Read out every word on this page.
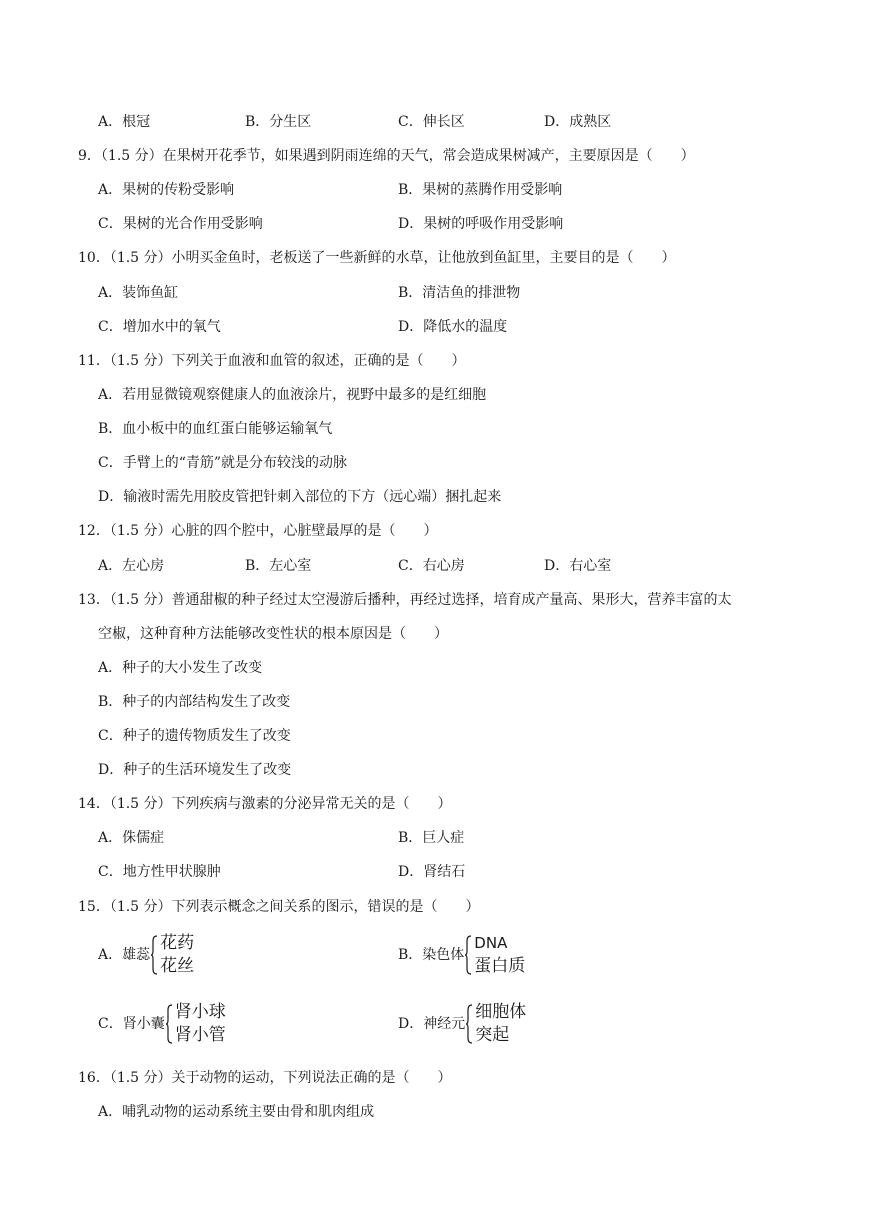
A．根冠	B．分生区	C．伸长区	D．成熟区
9．（1.5 分）在果树开花季节，如果遇到阴雨连绵的天气，常会造成果树减产，主要原因是（　　）
A．果树的传粉受影响	B．果树的蒸腾作用受影响
C．果树的光合作用受影响	D．果树的呼吸作用受影响
10．（1.5 分）小明买金鱼时，老板送了一些新鲜的水草，让他放到鱼缸里，主要目的是（　　）
A．装饰鱼缸	B．清洁鱼的排泄物
C．增加水中的氧气	D．降低水的温度
11．（1.5 分）下列关于血液和血管的叙述，正确的是（　　）
A．若用显微镜观察健康人的血液涂片，视野中最多的是红细胞
B．血小板中的血红蛋白能够运输氧气
C．手臂上的“青筋”就是分布较浅的动脉
D．输液时需先用胶皮管把针刺入部位的下方（远心端）捆扎起来
12．（1.5 分）心脏的四个腔中，心脏壁最厚的是（　　）
A．左心房	B．左心室	C．右心房	D．右心室
13．（1.5 分）普通甜椒的种子经过太空漫游后播种，再经过选择，培育成产量高、果形大，营养丰富的太
空椒，这种育种方法能够改变性状的根本原因是（　　）
A．种子的大小发生了改变
B．种子的内部结构发生了改变
C．种子的遗传物质发生了改变
D．种子的生活环境发生了改变
14．（1.5 分）下列疾病与激素的分泌异常无关的是（　　）
A．侏儒症	B．巨人症
C．地方性甲状腺肿	D．肾结石
15．（1.5 分）下列表示概念之间关系的图示，错误的是（　　）
A．雄蕊
花药
花丝
B．染色体
DNA
蛋白质
C．肾小囊
肾小球
肾小管
D．神经元
细胞体
突起
16．（1.5 分）关于动物的运动，下列说法正确的是（　　）
A．哺乳动物的运动系统主要由骨和肌肉组成
